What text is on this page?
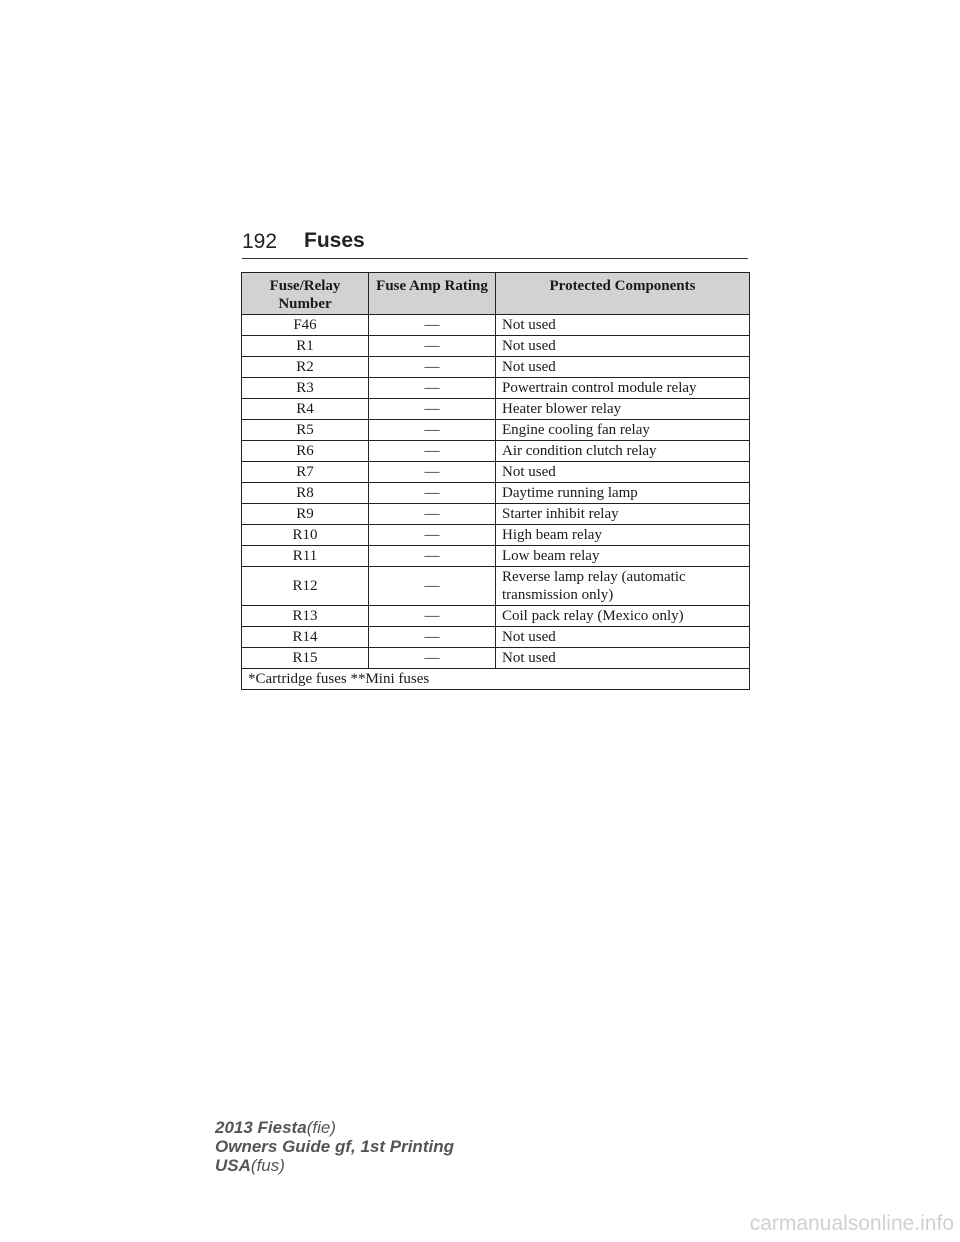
192 Fuses
Fuse/Relay Number	Fuse Amp Rating	Protected Components
F46	—	Not used
R1	—	Not used
R2	—	Not used
R3	—	Powertrain control module relay
R4	—	Heater blower relay
R5	—	Engine cooling fan relay
R6	—	Air condition clutch relay
R7	—	Not used
R8	—	Daytime running lamp
R9	—	Starter inhibit relay
R10	—	High beam relay
R11	—	Low beam relay
R12	—	Reverse lamp relay (automatic transmission only)
R13	—	Coil pack relay (Mexico only)
R14	—	Not used
R15	—	Not used
*Cartridge fuses **Mini fuses		
2013 Fiesta(fie)
Owners Guide gf, 1st Printing
USA(fus)
carmanualsonline.info
